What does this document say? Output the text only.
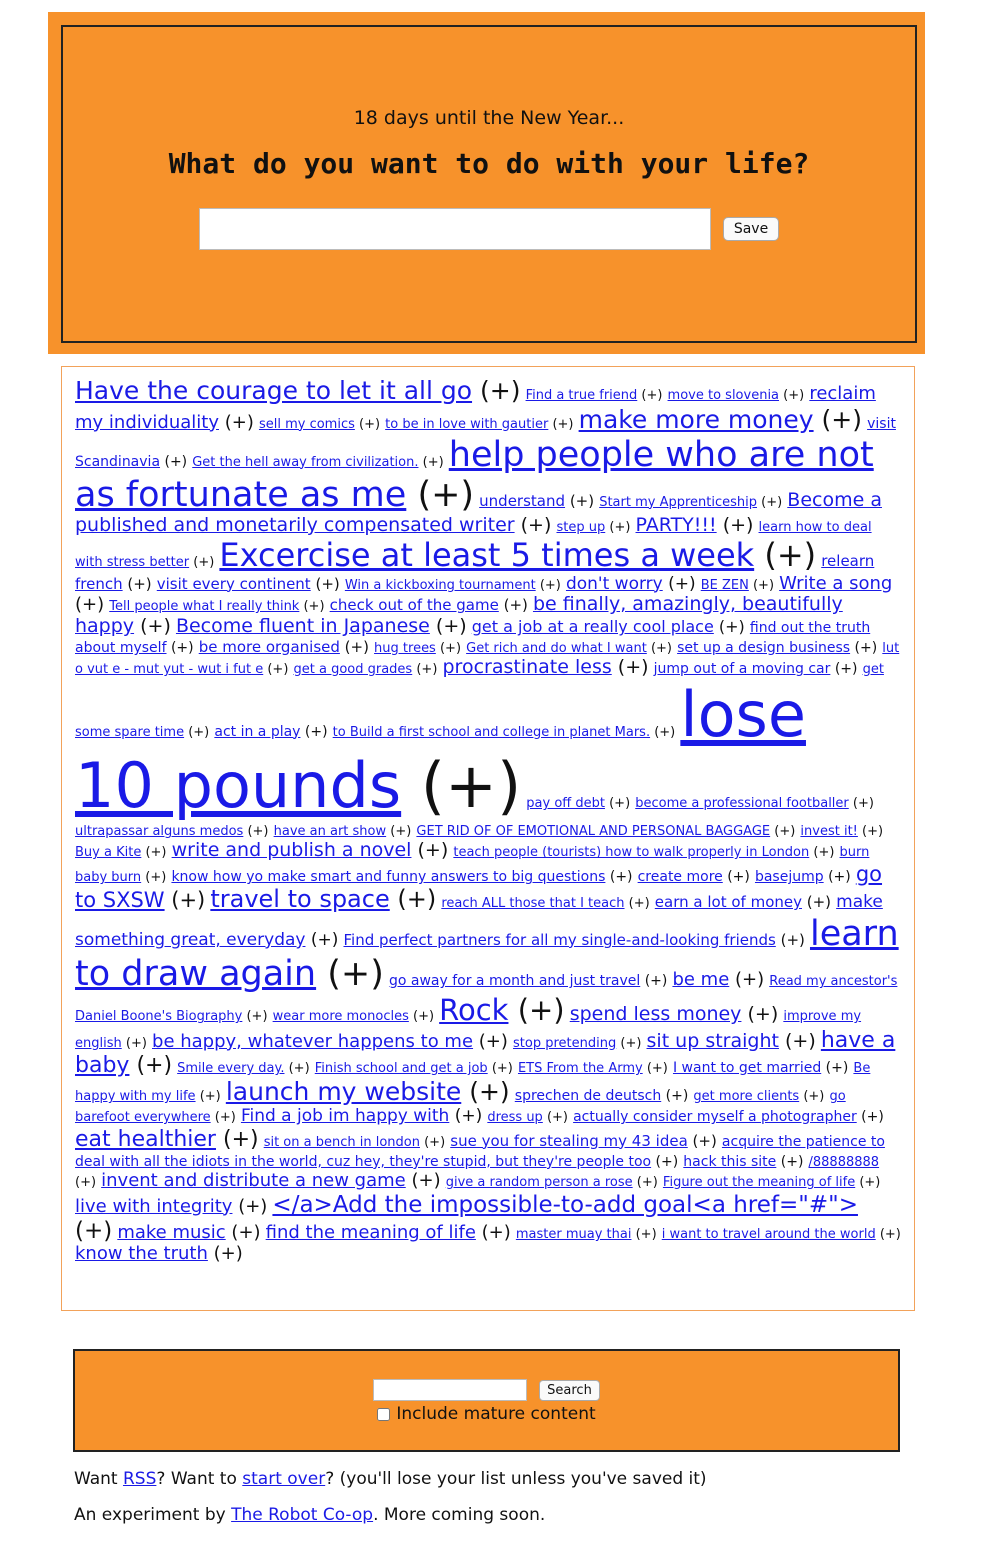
18 days until the New Year...
What do you want to do with your life?
Save
Have the courage to let it all go (+) Find a true friend (+) move to slovenia (+) reclaim my individuality (+) sell my comics (+) to be in love with gautier (+) make more money (+) visit Scandinavia (+) Get the hell away from civilization. (+) help people who are not as fortunate as me (+) understand (+) Start my Apprenticeship (+) Become a published and monetarily compensated writer (+) step up (+) PARTY!!! (+) learn how to deal with stress better (+) Excercise at least 5 times a week (+) relearn french (+) visit every continent (+) Win a kickboxing tournament (+) don't worry (+) BE ZEN (+) Write a song (+) Tell people what I really think (+) check out of the game (+) be finally, amazingly, beautifully happy (+) Become fluent in Japanese (+) get a job at a really cool place (+) find out the truth about myself (+) be more organised (+) hug trees (+) Get rich and do what I want (+) set up a design business (+) lut o vut e - mut yut - wut i fut e (+) get a good grades (+) procrastinate less (+) jump out of a moving car (+) get some spare time (+) act in a play (+) to Build a first school and college in planet Mars. (+) lose 10 pounds (+) pay off debt (+) become a professional footballer (+) ultrapassar alguns medos (+) have an art show (+) GET RID OF OF EMOTIONAL AND PERSONAL BAGGAGE (+) invest it! (+) Buy a Kite (+) write and publish a novel (+) teach people (tourists) how to walk properly in London (+) burn baby burn (+) know how yo make smart and funny answers to big questions (+) create more (+) basejump (+) go to SXSW (+) travel to space (+) reach ALL those that I teach (+) earn a lot of money (+) make something great, everyday (+) Find perfect partners for all my single-and-looking friends (+) learn to draw again (+) go away for a month and just travel (+) be me (+) Read my ancestor's Daniel Boone's Biography (+) wear more monocles (+) Rock (+) spend less money (+) improve my english (+) be happy, whatever happens to me (+) stop pretending (+) sit up straight (+) have a baby (+) Smile every day. (+) Finish school and get a job (+) ETS From the Army (+) I want to get married (+) Be happy with my life (+) launch my website (+) sprechen de deutsch (+) get more clients (+) go barefoot everywhere (+) Find a job im happy with (+) dress up (+) actually consider myself a photographer (+) eat healthier (+) sit on a bench in london (+) sue you for stealing my 43 idea (+) acquire the patience to deal with all the idiots in the world, cuz hey, they're stupid, but they're people too (+) hack this site (+) /88888888 (+) invent and distribute a new game (+) give a random person a rose (+) Figure out the meaning of life (+) live with integrity (+) </a>Add the impossible-to-add goal<a href="#"> (+) make music (+) find the meaning of life (+) master muay thai (+) i want to travel around the world (+) know the truth (+)
Search
Include mature content
Want RSS? Want to start over? (you'll lose your list unless you've saved it)
An experiment by The Robot Co-op. More coming soon.
